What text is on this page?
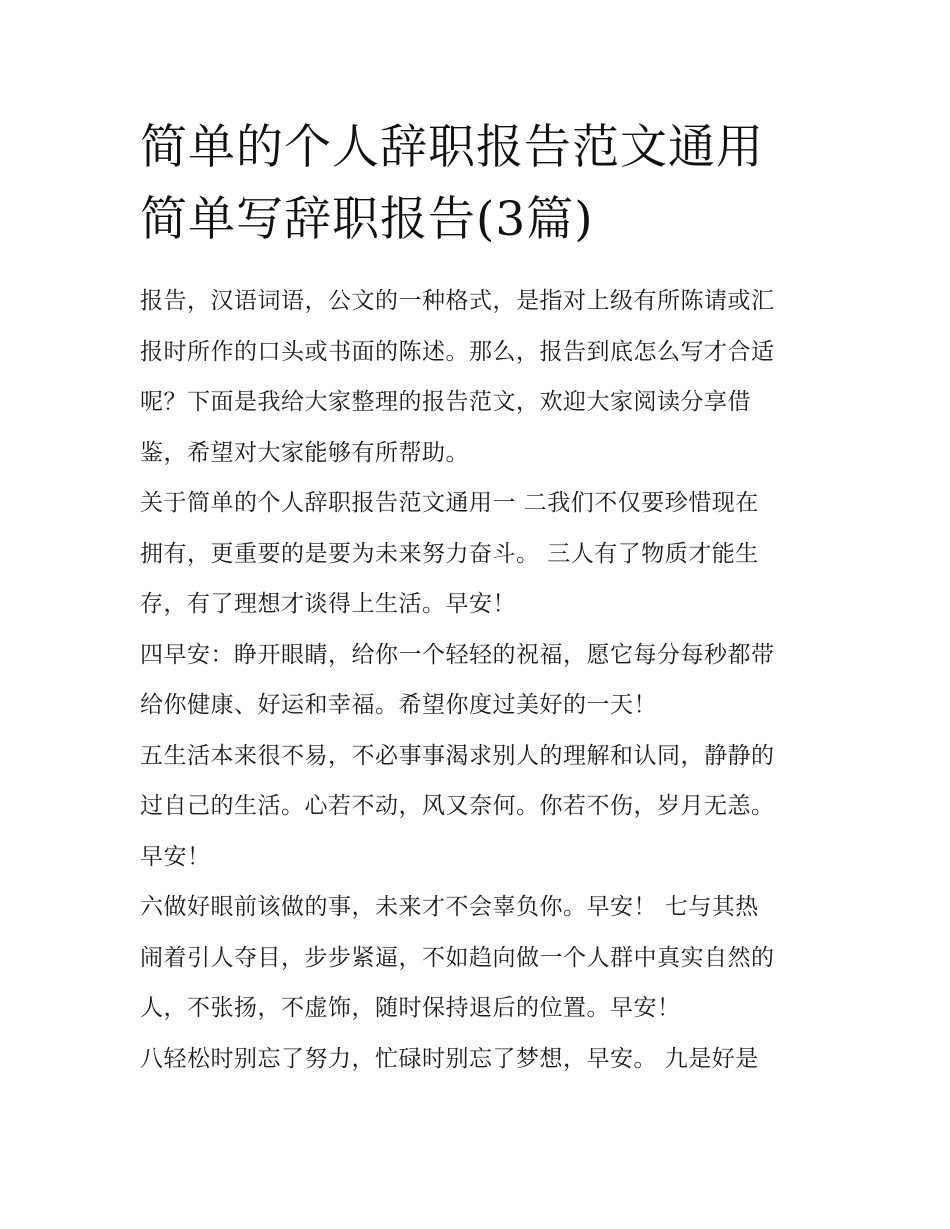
简单的个人辞职报告范文通用
简单写辞职报告(3篇)

报告，汉语词语，公文的一种格式，是指对上级有所陈请或汇
报时所作的口头或书面的陈述。那么，报告到底怎么写才合适
呢？下面是我给大家整理的报告范文，欢迎大家阅读分享借
鉴，希望对大家能够有所帮助。

关于简单的个人辞职报告范文通用一 二我们不仅要珍惜现在
拥有，更重要的是要为未来努力奋斗。 三人有了物质才能生
存，有了理想才谈得上生活。早安！

四早安：睁开眼睛，给你一个轻轻的祝福，愿它每分每秒都带
给你健康、好运和幸福。希望你度过美好的一天！

五生活本来很不易，不必事事渴求别人的理解和认同，静静的
过自己的生活。心若不动，风又奈何。你若不伤，岁月无恙。
早安！

六做好眼前该做的事，未来才不会辜负你。早安！ 七与其热
闹着引人夺目，步步紧逼，不如趋向做一个人群中真实自然的
人，不张扬，不虚饰，随时保持退后的位置。早安！

八轻松时别忘了努力，忙碌时别忘了梦想，早安。 九是好是
